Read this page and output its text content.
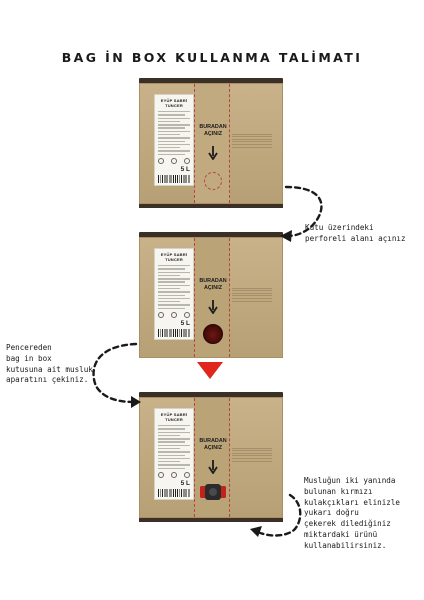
BAG İN BOX KULLANMA TALİMATI
EYÜP SABRİ TUNCER
5 L
BURADAN
AÇINIZ
EYÜP SABRİ TUNCER
5 L
BURADAN
AÇINIZ
EYÜP SABRİ TUNCER
5 L
BURADAN
AÇINIZ
Kutu üzerindeki
perforeli alanı açınız
Pencereden
bag in box
kutusuna ait musluk
aparatını çekiniz.
Musluğun iki yanında
bulunan kırmızı
kulakçıkları elinizle
yukarı doğru
çekerek dilediğiniz
miktardaki ürünü
kullanabilirsiniz.
